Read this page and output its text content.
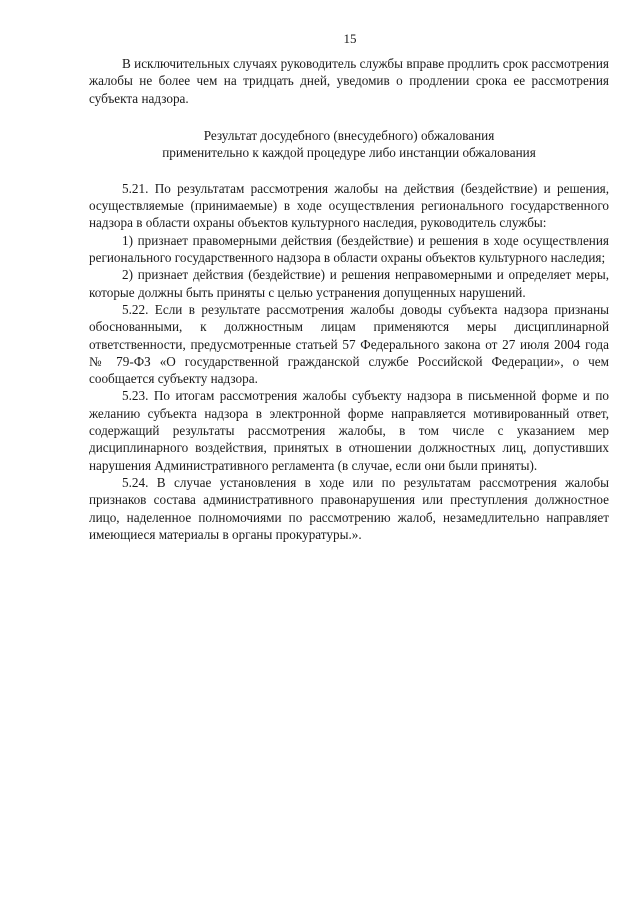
15

В исключительных случаях руководитель службы вправе продлить срок рассмотрения жалобы не более чем на тридцать дней, уведомив о продлении срока ее рассмотрения субъекта надзора.

Результат досудебного (внесудебного) обжалования
применительно к каждой процедуре либо инстанции обжалования

5.21. По результатам рассмотрения жалобы на действия (бездействие) и решения, осуществляемые (принимаемые) в ходе осуществления регионального государственного надзора в области охраны объектов культурного наследия, руководитель службы:

1) признает правомерными действия (бездействие) и решения в ходе осуществления регионального государственного надзора в области охраны объектов культурного наследия;

2) признает действия (бездействие) и решения неправомерными и определяет меры, которые должны быть приняты с целью устранения допущенных нарушений.

5.22. Если в результате рассмотрения жалобы доводы субъекта надзора признаны обоснованными, к должностным лицам применяются меры дисциплинарной ответственности, предусмотренные статьей 57 Федерального закона от 27 июля 2004 года № 79-ФЗ «О государственной гражданской службе Российской Федерации», о чем сообщается субъекту надзора.

5.23. По итогам рассмотрения жалобы субъекту надзора в письменной форме и по желанию субъекта надзора в электронной форме направляется мотивированный ответ, содержащий результаты рассмотрения жалобы, в том числе с указанием мер дисциплинарного воздействия, принятых в отношении должностных лиц, допустивших нарушения Административного регламента (в случае, если они были приняты).

5.24. В случае установления в ходе или по результатам рассмотрения жалобы признаков состава административного правонарушения или преступления должностное лицо, наделенное полномочиями по рассмотрению жалоб, незамедлительно направляет имеющиеся материалы в органы прокуратуры.».
